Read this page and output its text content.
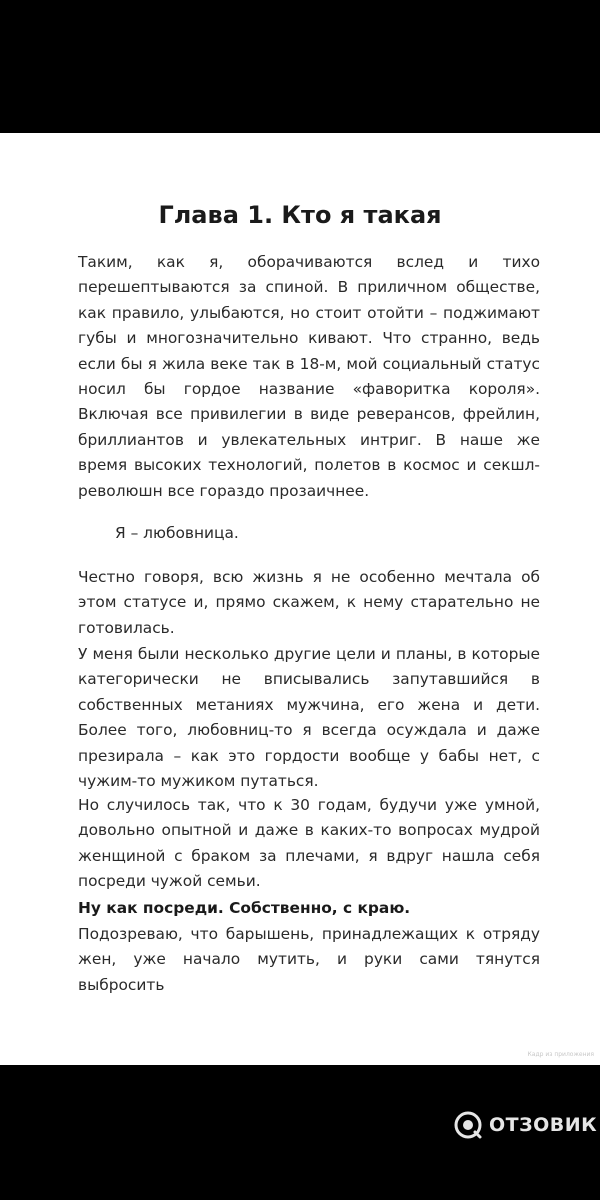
Глава 1. Кто я такая

Таким, как я, оборачиваются вслед и тихо перешептываются за спиной. В приличном обществе, как правило, улыбаются, но стоит отойти – поджимают губы и многозначительно кивают. Что странно, ведь если бы я жила веке так в 18-м, мой социальный статус носил бы гордое название «фаворитка короля». Включая все привилегии в виде реверансов, фрейлин, бриллиантов и увлекательных интриг. В наше же время высоких технологий, полетов в космос и секшл-революшн все гораздо прозаичнее.

Я – любовница.

Честно говоря, всю жизнь я не особенно мечтала об этом статусе и, прямо скажем, к нему старательно не готовилась.

У меня были несколько другие цели и планы, в которые категорически не вписывались запутавшийся в собственных метаниях мужчина, его жена и дети. Более того, любовниц-то я всегда осуждала и даже презирала – как это гордости вообще у бабы нет, с чужим-то мужиком путаться.

Но случилось так, что к 30 годам, будучи уже умной, довольно опытной и даже в каких-то вопросах мудрой женщиной с браком за плечами, я вдруг нашла себя посреди чужой семьи.

Ну как посреди. Собственно, с краю.

Подозреваю, что барышень, принадлежащих к отряду жен, уже начало мутить, и руки сами тянутся выбросить

Кадр из приложения
ОТЗОВИК
